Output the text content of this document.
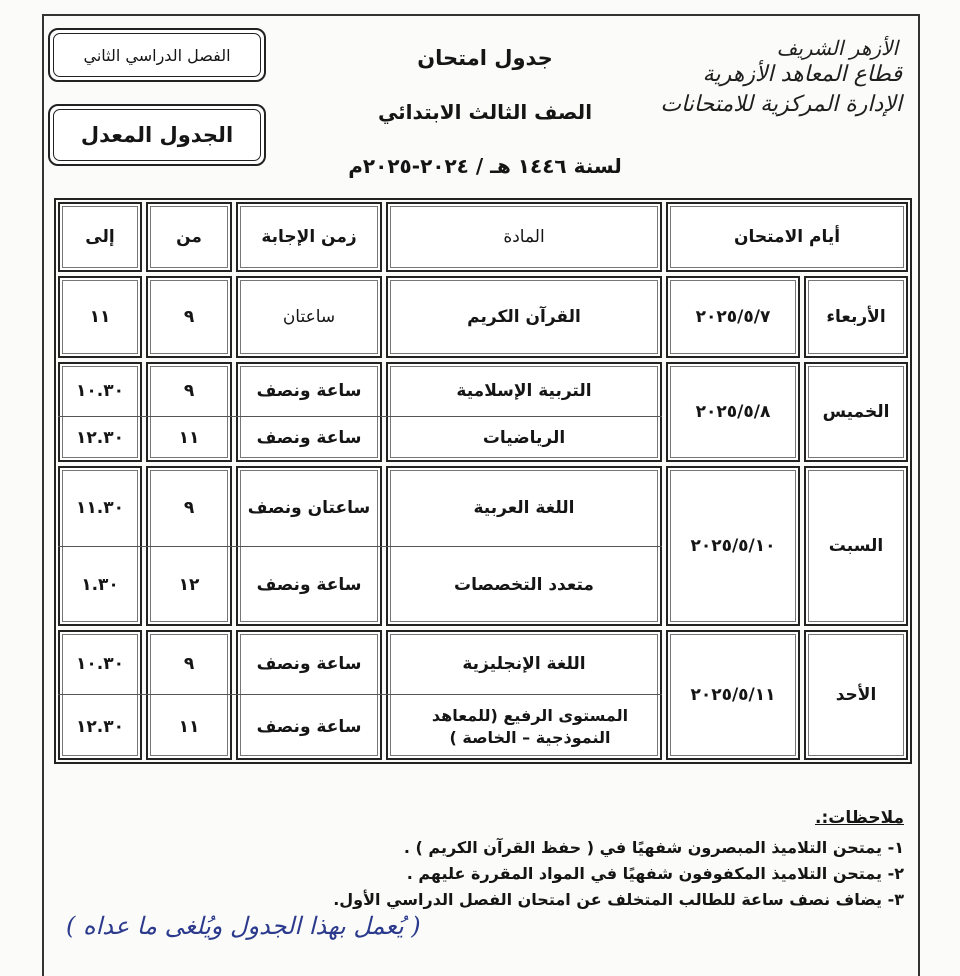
الأزهر الشريف
قطاع المعاهد الأزهرية
الإدارة المركزية للامتحانات
جدول امتحان
الصف الثالث الابتدائي
لسنة ١٤٤٦ هـ / ٢٠٢٤-٢٠٢٥م
الفصل الدراسي الثاني
الجدول المعدل
أيام الامتحان
المادة
زمن الإجابة
من
إلى
الأربعاء
٢٠٢٥/٥/٧
القرآن الكريم
ساعتان
٩
١١
الخميس
٢٠٢٥/٥/٨
التربية الإسلامية
ساعة ونصف
٩
١٠.٣٠
الرياضيات
ساعة ونصف
١١
١٢.٣٠
السبت
٢٠٢٥/٥/١٠
اللغة العربية
ساعتان ونصف
٩
١١.٣٠
متعدد التخصصات
ساعة ونصف
١٢
١.٣٠
الأحد
٢٠٢٥/٥/١١
اللغة الإنجليزية
ساعة ونصف
٩
١٠.٣٠
المستوى الرفيع (للمعاهد النموذجية – الخاصة )
ساعة ونصف
١١
١٢.٣٠
ملاحظات:.
١- يمتحن التلاميذ المبصرون شفهيًا في ( حفظ القرآن الكريم ) .
٢- يمتحن التلاميذ المكفوفون شفهيًا في المواد المقررة عليهم .
٣- يضاف نصف ساعة للطالب المتخلف عن امتحان الفصل الدراسي الأول.
( يُعمل بهذا الجدول ويُلغى ما عداه )
